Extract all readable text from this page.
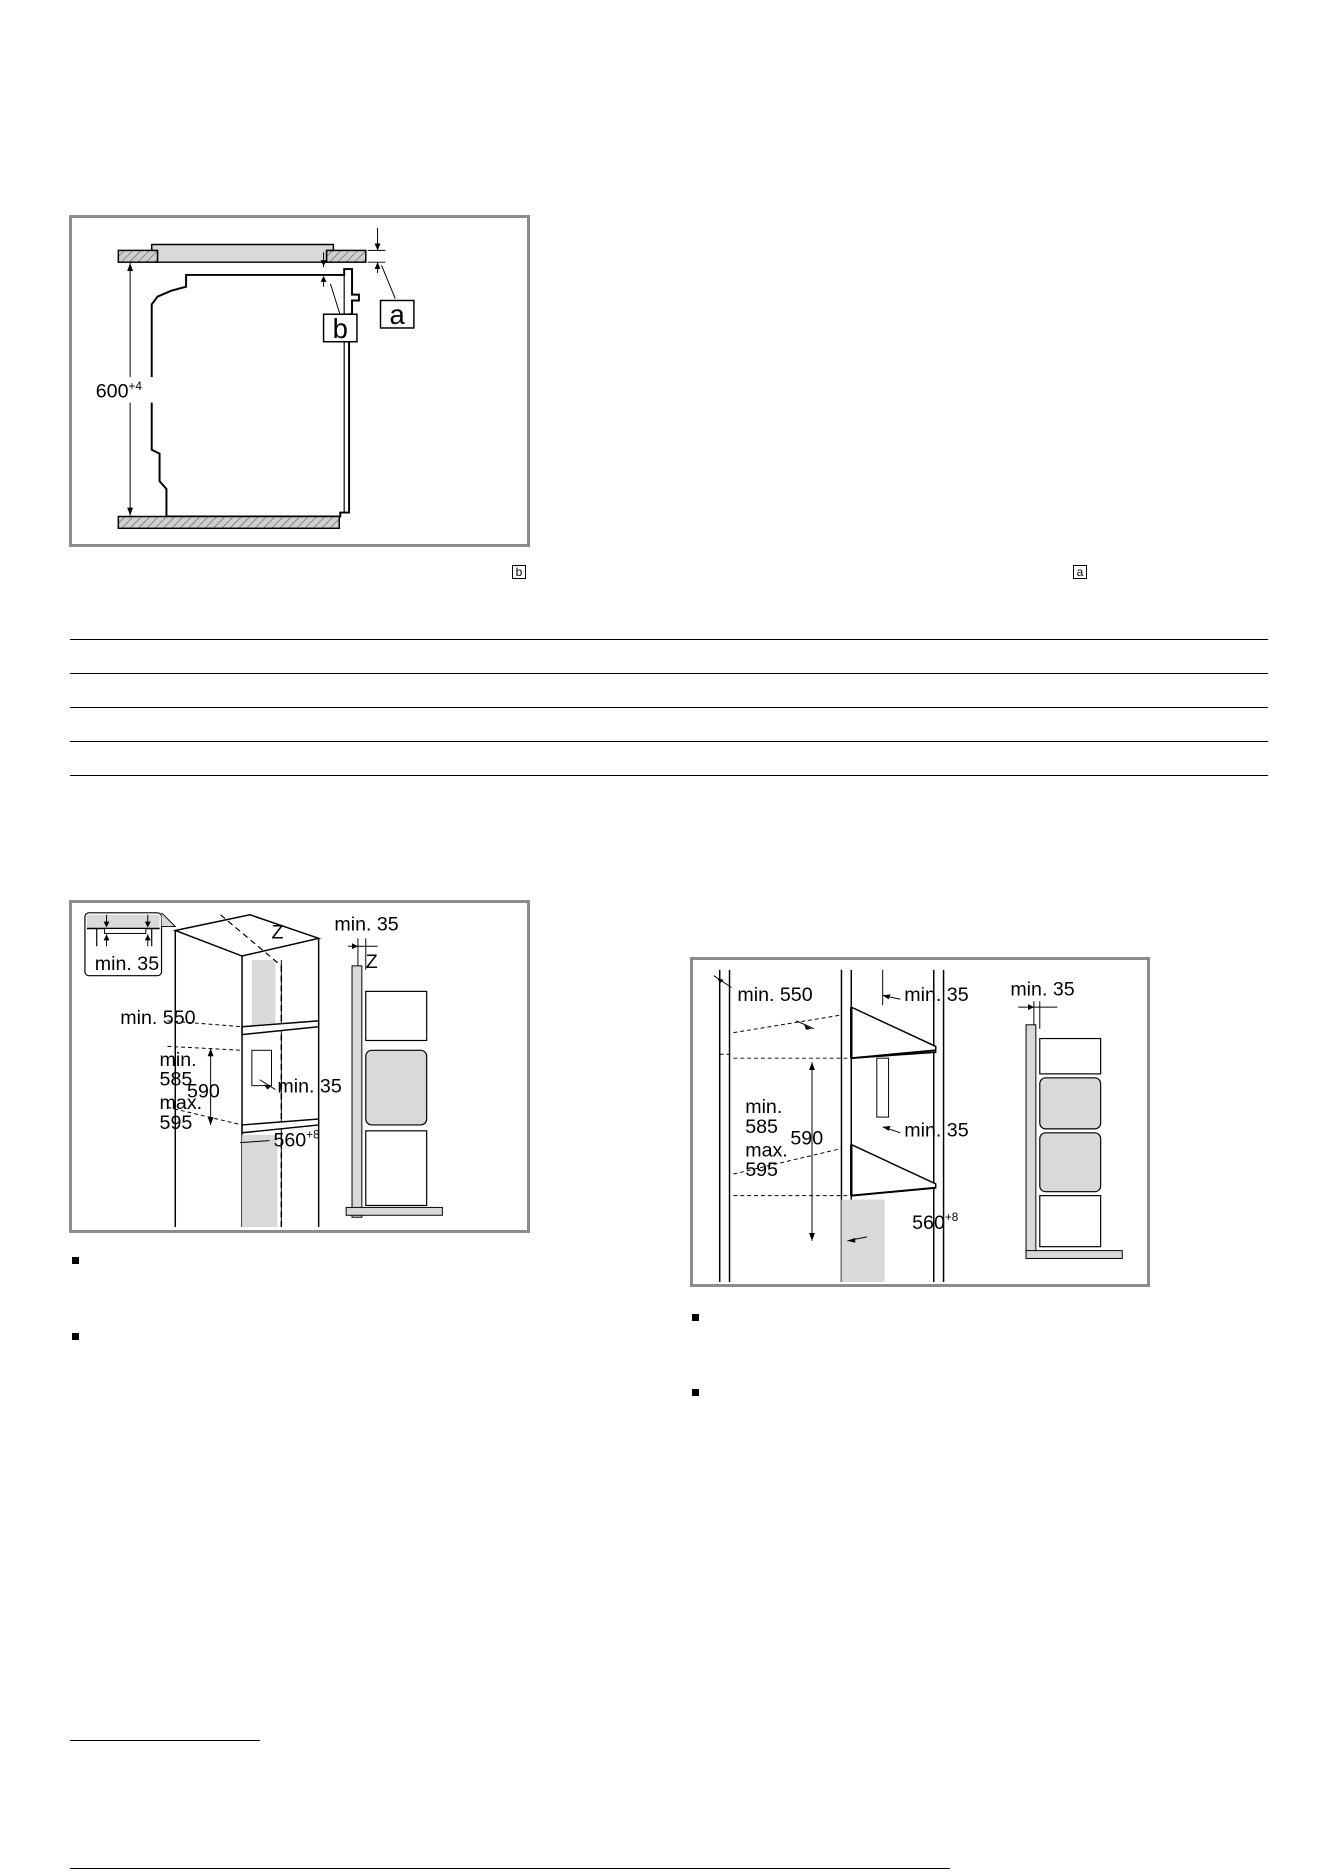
b a
$600^{+4}$
b	a
min. 35
Z
min. 550
min.
585
590
max.
595
min. 35
$560^{+8}$
min. 35
Z
min. 550	min. 35
min. 35
min.
585
590
max.
595
$560^{+8}$
min. 35
